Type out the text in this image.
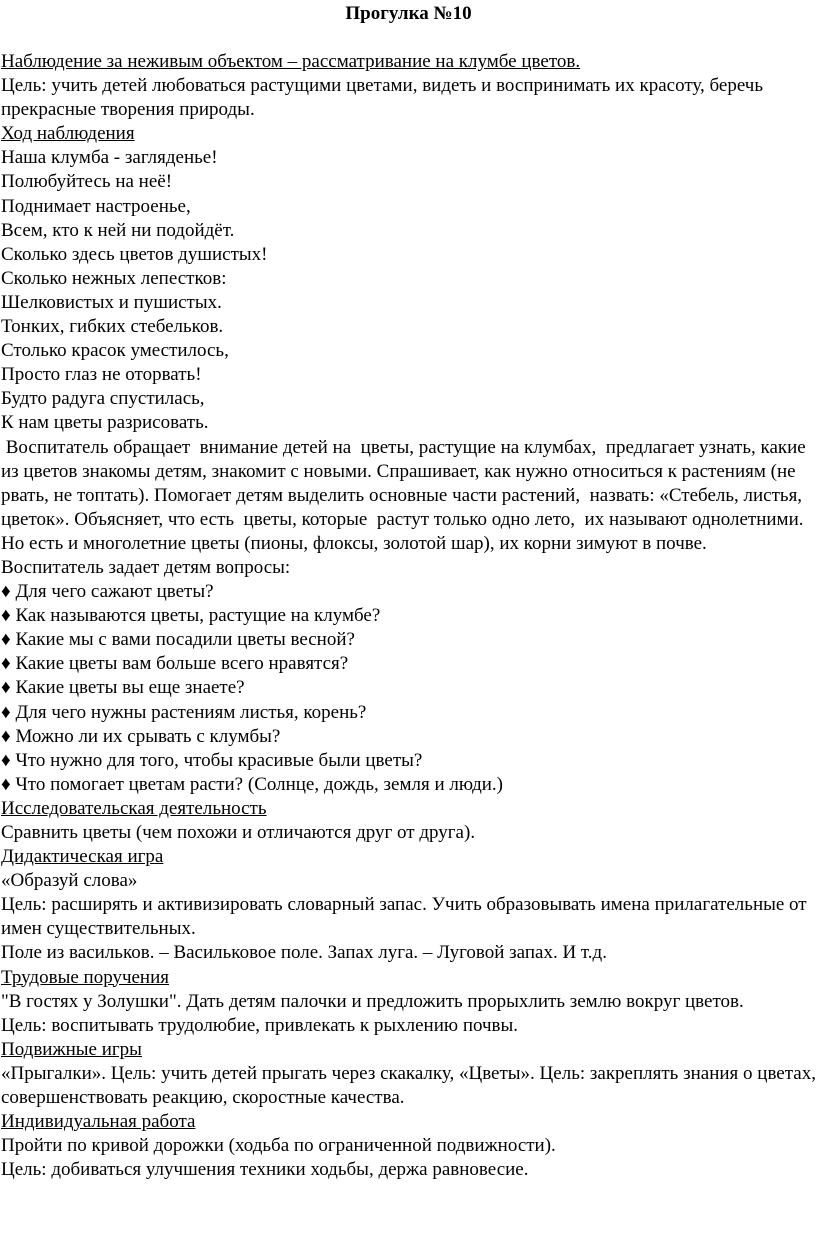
Прогулка №10
Наблюдение за неживым объектом – рассматривание на клумбе цветов.
Цель: учить детей любоваться растущими цветами, видеть и воспринимать их красоту, беречь прекрасные творения природы.
Ход наблюдения
Наша клумба - загляденье!
Полюбуйтесь на неё!
Поднимает настроенье,
Всем, кто к ней ни подойдёт.
Сколько здесь цветов душистых!
Сколько нежных лепестков:
Шелковистых и пушистых.
Тонких, гибких стебельков.
Столько красок уместилось,
Просто глаз не оторвать!
Будто радуга спустилась,
К нам цветы разрисовать.
Воспитатель обращает  внимание детей на  цветы, растущие на клумбах,  предлагает узнать, какие из цветов знакомы детям, знакомит с новыми. Спрашивает, как нужно относиться к растениям (не рвать, не топтать). Помогает детям выделить основные части растений,  назвать: «Стебель, листья, цветок». Объясняет, что есть  цветы, которые  растут только одно лето,  их называют однолетними. Но есть и многолетние цветы (пионы, флоксы, золотой шар), их корни зимуют в почве.
Воспитатель задает детям вопросы:
♦ Для чего сажают цветы?
♦ Как называются цветы, растущие на клумбе?
♦ Какие мы с вами посадили цветы весной?
♦ Какие цветы вам больше всего нравятся?
♦ Какие цветы вы еще знаете?
♦ Для чего нужны растениям листья, корень?
♦ Можно ли их срывать с клумбы?
♦ Что нужно для того, чтобы красивые были цветы?
♦ Что помогает цветам расти? (Солнце, дождь, земля и люди.)
Исследовательская деятельность
Сравнить цветы (чем похожи и отличаются друг от друга).
Дидактическая игра
«Образуй слова»
Цель: расширять и активизировать словарный запас. Учить образовывать имена прилагательные от имен существительных.
Поле из васильков. – Васильковое поле. Запах луга. – Луговой запах. И т.д.
Трудовые поручения
"В гостях у Золушки". Дать детям палочки и предложить прорыхлить землю вокруг цветов.
Цель: воспитывать трудолюбие, привлекать к рыхлению почвы.
Подвижные игры
«Прыгалки». Цель: учить детей прыгать через скакалку, «Цветы». Цель: закреплять знания о цветах, совершенствовать реакцию, скоростные качества.
Индивидуальная работа
Пройти по кривой дорожки (ходьба по ограниченной подвижности).
Цель: добиваться улучшения техники ходьбы, держа равновесие.
